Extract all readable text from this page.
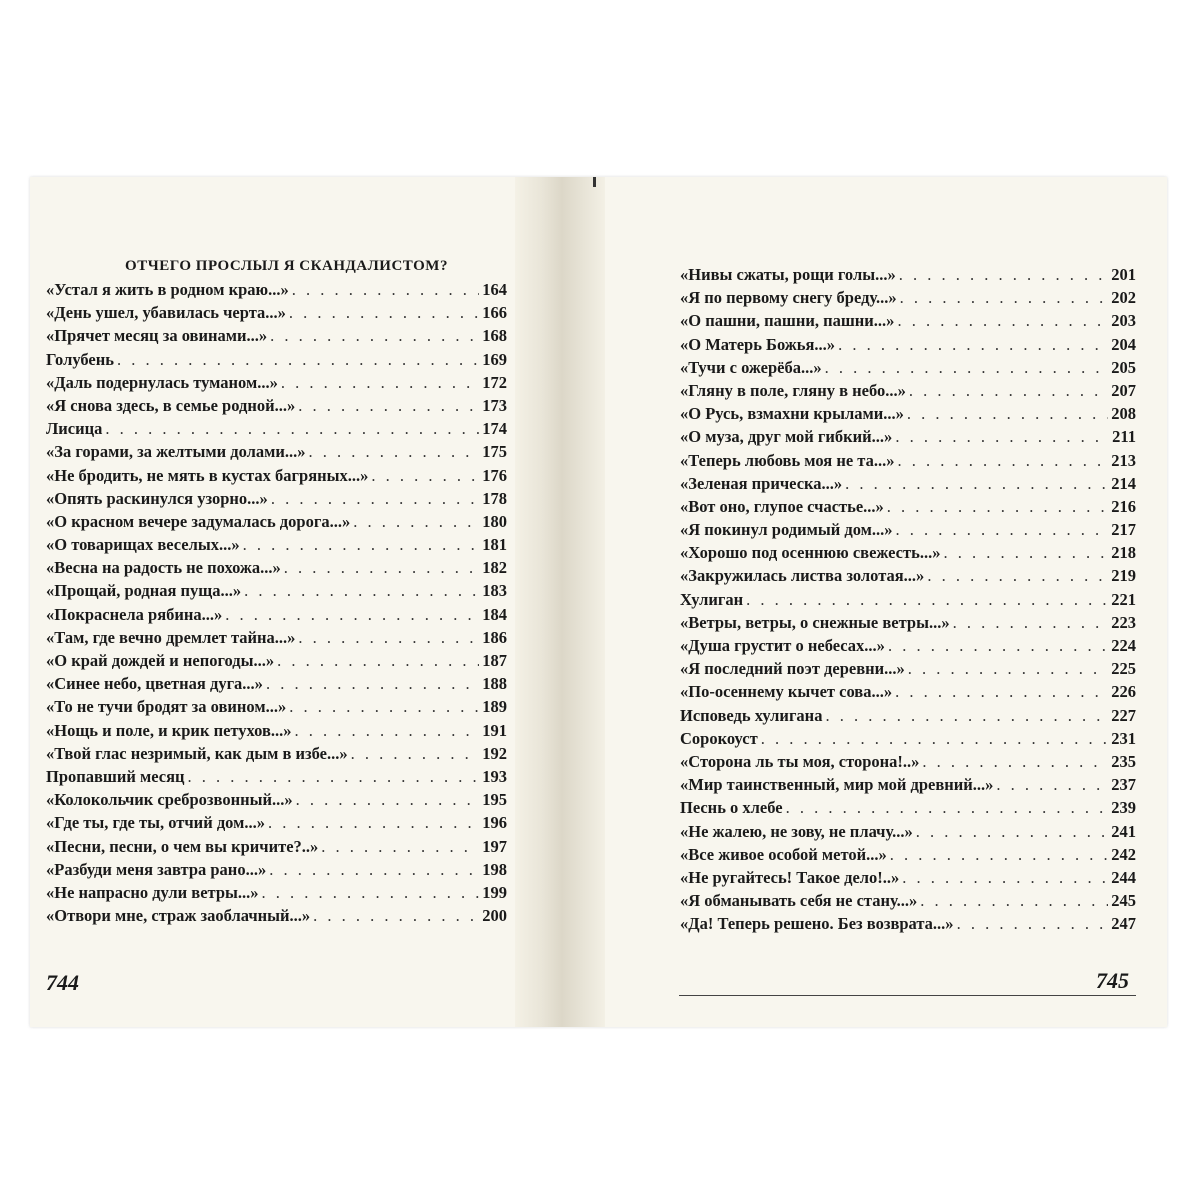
ОТЧЕГО ПРОСЛЫЛ Я СКАНДАЛИСТОМ?
«Устал я жить в родном краю...» . . .	164
«День ушел, убавилась черта...» . . .	166
«Прячет месяц за овинами...» . . .	168
Голубень . . .	169
«Даль подернулась туманом...» . . .	172
«Я снова здесь, в семье родной...» . . .	173
Лисица . . .	174
«За горами, за желтыми долами...» . . .	175
«Не бродить, не мять в кустах багряных...» . . .	176
«Опять раскинулся узорно...» . . .	178
«О красном вечере задумалась дорога...» . . .	180
«О товарищах веселых...» . . .	181
«Весна на радость не похожа...» . . .	182
«Прощай, родная пуща...» . . .	183
«Покраснела рябина...» . . .	184
«Там, где вечно дремлет тайна...» . . .	186
«О край дождей и непогоды...» . . .	187
«Синее небо, цветная дуга...» . . .	188
«То не тучи бродят за овином...» . . .	189
«Нощь и поле, и крик петухов...» . . .	191
«Твой глас незримый, как дым в избе...» . . .	192
Пропавший месяц . . .	193
«Колокольчик среброзвонный...» . . .	195
«Где ты, где ты, отчий дом...» . . .	196
«Песни, песни, о чем вы кричите?..» . . .	197
«Разбуди меня завтра рано...» . . .	198
«Не напрасно дули ветры...» . . .	199
«Отвори мне, страж заоблачный...» . . .	200
«Нивы сжаты, рощи голы...» . . .	201
«Я по первому снегу бреду...» . . .	202
«О пашни, пашни, пашни...» . . .	203
«О Матерь Божья...» . . .	204
«Тучи с ожерёба...» . . .	205
«Гляну в поле, гляну в небо...» . . .	207
«О Русь, взмахни крылами...» . . .	208
«О муза, друг мой гибкий...» . . .	211
«Теперь любовь моя не та...» . . .	213
«Зеленая прическа...» . . .	214
«Вот оно, глупое счастье...» . . .	216
«Я покинул родимый дом...» . . .	217
«Хорошо под осеннюю свежесть...» . . .	218
«Закружилась листва золотая...» . . .	219
Хулиган . . .	221
«Ветры, ветры, о снежные ветры...» . . .	223
«Душа грустит о небесах...» . . .	224
«Я последний поэт деревни...» . . .	225
«По-осеннему кычет сова...» . . .	226
Исповедь хулигана . . .	227
Сорокоуст . . .	231
«Сторона ль ты моя, сторона!..» . . .	235
«Мир таинственный, мир мой древний...» . . .	237
Песнь о хлебе . . .	239
«Не жалею, не зову, не плачу...» . . .	241
«Все живое особой метой...» . . .	242
«Не ругайтесь! Такое дело!..» . . .	244
«Я обманывать себя не стану...» . . .	245
«Да! Теперь решено. Без возврата...» . . .	247
744	745
